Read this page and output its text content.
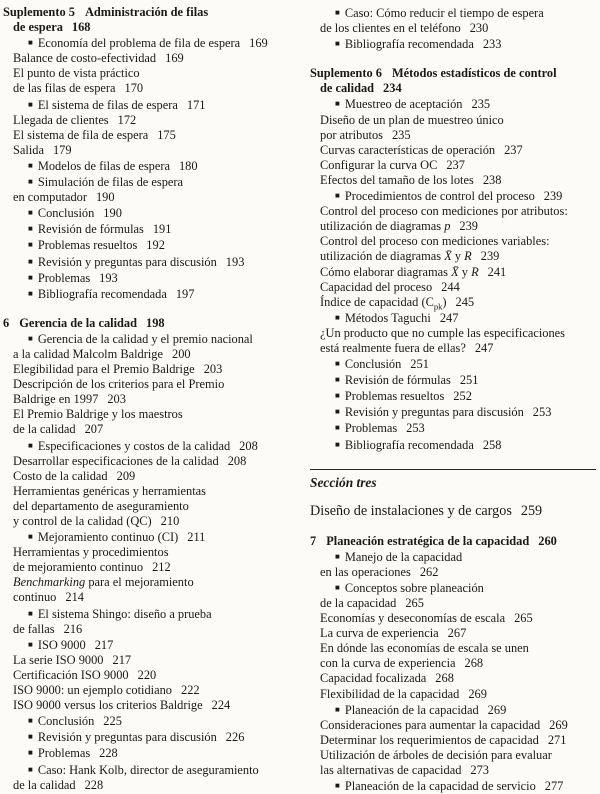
Suplemento 5 Administración de filas
de espera 168
■ Economía del problema de fila de espera 169
Balance de costo-efectividad 169
El punto de vista práctico
de las filas de espera 170
■ El sistema de filas de espera 171
Llegada de clientes 172
El sistema de fila de espera 175
Salida 179
■ Modelos de filas de espera 180
■ Simulación de filas de espera
en computador 190
■ Conclusión 190
■ Revisión de fórmulas 191
■ Problemas resueltos 192
■ Revisión y preguntas para discusión 193
■ Problemas 193
■ Bibliografía recomendada 197
6 Gerencia de la calidad 198
■ Gerencia de la calidad y el premio nacional
a la calidad Malcolm Baldrige 200
Elegibilidad para el Premio Baldrige 203
Descripción de los criterios para el Premio
Baldrige en 1997 203
El Premio Baldrige y los maestros
de la calidad 207
■ Especificaciones y costos de la calidad 208
Desarrollar especificaciones de la calidad 208
Costo de la calidad 209
Herramientas genéricas y herramientas
del departamento de aseguramiento
y control de la calidad (QC) 210
■ Mejoramiento continuo (CI) 211
Herramientas y procedimientos
de mejoramiento continuo 212
Benchmarking para el mejoramiento
continuo 214
■ El sistema Shingo: diseño a prueba
de fallas 216
■ ISO 9000 217
La serie ISO 9000 217
Certificación ISO 9000 220
ISO 9000: un ejemplo cotidiano 222
ISO 9000 versus los criterios Baldrige 224
■ Conclusión 225
■ Revisión y preguntas para discusión 226
■ Problemas 228
■ Caso: Hank Kolb, director de aseguramiento
de la calidad 228
■ Caso: Cómo reducir el tiempo de espera
de los clientes en el teléfono 230
■ Bibliografía recomendada 233
Suplemento 6 Métodos estadísticos de control
de calidad 234
■ Muestreo de aceptación 235
Diseño de un plan de muestreo único
por atributos 235
Curvas características de operación 237
Configurar la curva OC 237
Efectos del tamaño de los lotes 238
■ Procedimientos de control del proceso 239
Control del proceso con mediciones por atributos:
utilización de diagramas p 239
Control del proceso con mediciones variables:
utilización de diagramas X̄ y R 239
Cómo elaborar diagramas X̄ y R 241
Capacidad del proceso 244
Índice de capacidad $(C_{pk})$ 245
■ Métodos Taguchi 247
¿Un producto que no cumple las especificaciones
está realmente fuera de ellas? 247
■ Conclusión 251
■ Revisión de fórmulas 251
■ Problemas resueltos 252
■ Revisión y preguntas para discusión 253
■ Problemas 253
■ Bibliografía recomendada 258
Sección tres
Diseño de instalaciones y de cargos 259
7 Planeación estratégica de la capacidad 260
■ Manejo de la capacidad
en las operaciones 262
■ Conceptos sobre planeación
de la capacidad 265
Economías y deseconomías de escala 265
La curva de experiencia 267
En dónde las economías de escala se unen
con la curva de experiencia 268
Capacidad focalizada 268
Flexibilidad de la capacidad 269
■ Planeación de la capacidad 269
Consideraciones para aumentar la capacidad 269
Determinar los requerimientos de capacidad 271
Utilización de árboles de decisión para evaluar
las alternativas de capacidad 273
■ Planeación de la capacidad de servicio 277
